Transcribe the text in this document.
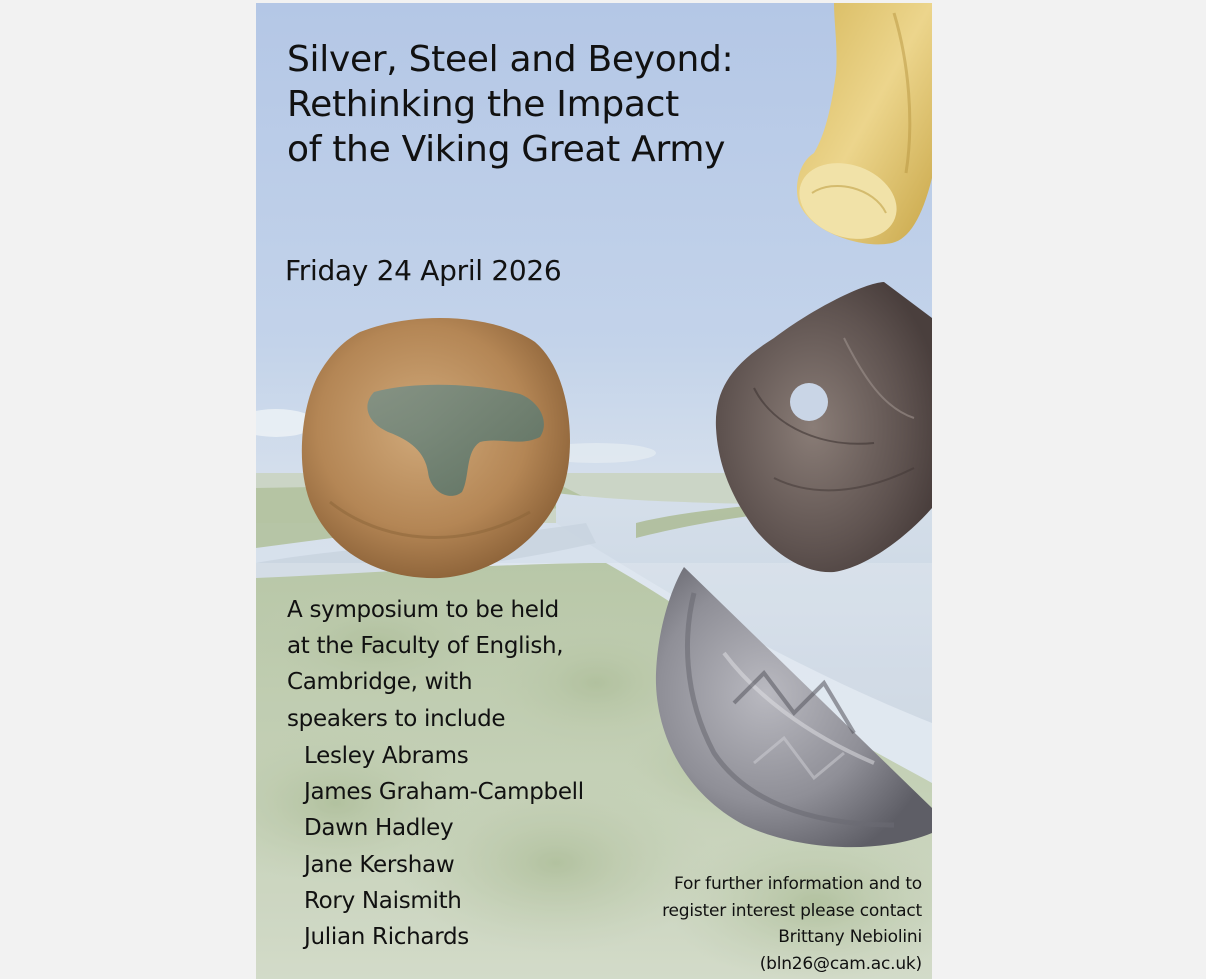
Silver, Steel and Beyond:
Rethinking the Impact
of the Viking Great Army
Friday 24 April 2026
A symposium to be held
at the Faculty of English,
Cambridge, with
speakers to include
Lesley Abrams
James Graham-Campbell
Dawn Hadley
Jane Kershaw
Rory Naismith
Julian Richards
For further information and to
register interest please contact
Brittany Nebiolini
(bln26@cam.ac.uk)
